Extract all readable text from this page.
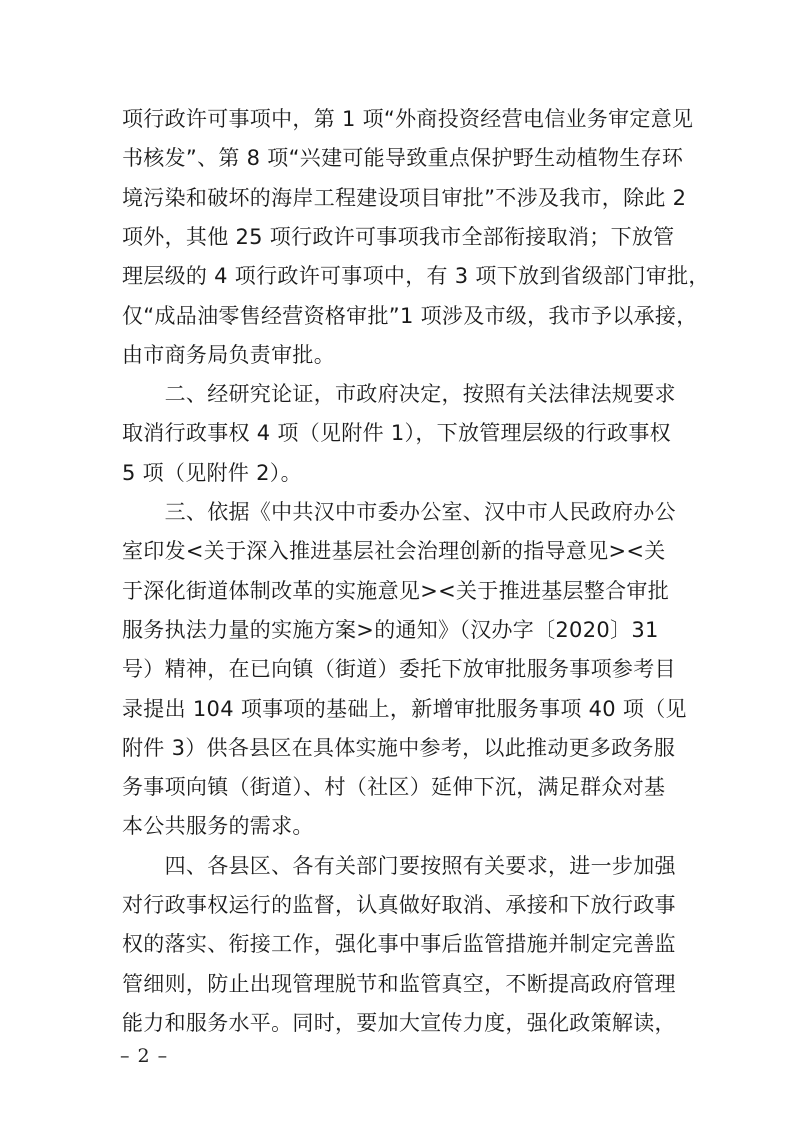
项行政许可事项中，第 1 项“外商投资经营电信业务审定意见
书核发”、第 8 项“兴建可能导致重点保护野生动植物生存环
境污染和破坏的海岸工程建设项目审批”不涉及我市，除此 2
项外，其他 25 项行政许可事项我市全部衔接取消；下放管
理层级的 4 项行政许可事项中，有 3 项下放到省级部门审批，
仅“成品油零售经营资格审批”1 项涉及市级，我市予以承接，
由市商务局负责审批。
　　二、经研究论证，市政府决定，按照有关法律法规要求
取消行政事权 4 项（见附件 1），下放管理层级的行政事权
5 项（见附件 2）。
　　三、依据《中共汉中市委办公室、汉中市人民政府办公
室印发<关于深入推进基层社会治理创新的指导意见><关
于深化街道体制改革的实施意见><关于推进基层整合审批
服务执法力量的实施方案>的通知》（汉办字〔2020〕31
号）精神，在已向镇（街道）委托下放审批服务事项参考目
录提出 104 项事项的基础上，新增审批服务事项 40 项（见
附件 3）供各县区在具体实施中参考，以此推动更多政务服
务事项向镇（街道）、村（社区）延伸下沉，满足群众对基
本公共服务的需求。
　　四、各县区、各有关部门要按照有关要求，进一步加强
对行政事权运行的监督，认真做好取消、承接和下放行政事
权的落实、衔接工作，强化事中事后监管措施并制定完善监
管细则，防止出现管理脱节和监管真空，不断提高政府管理
能力和服务水平。同时，要加大宣传力度，强化政策解读，
– 2 –
